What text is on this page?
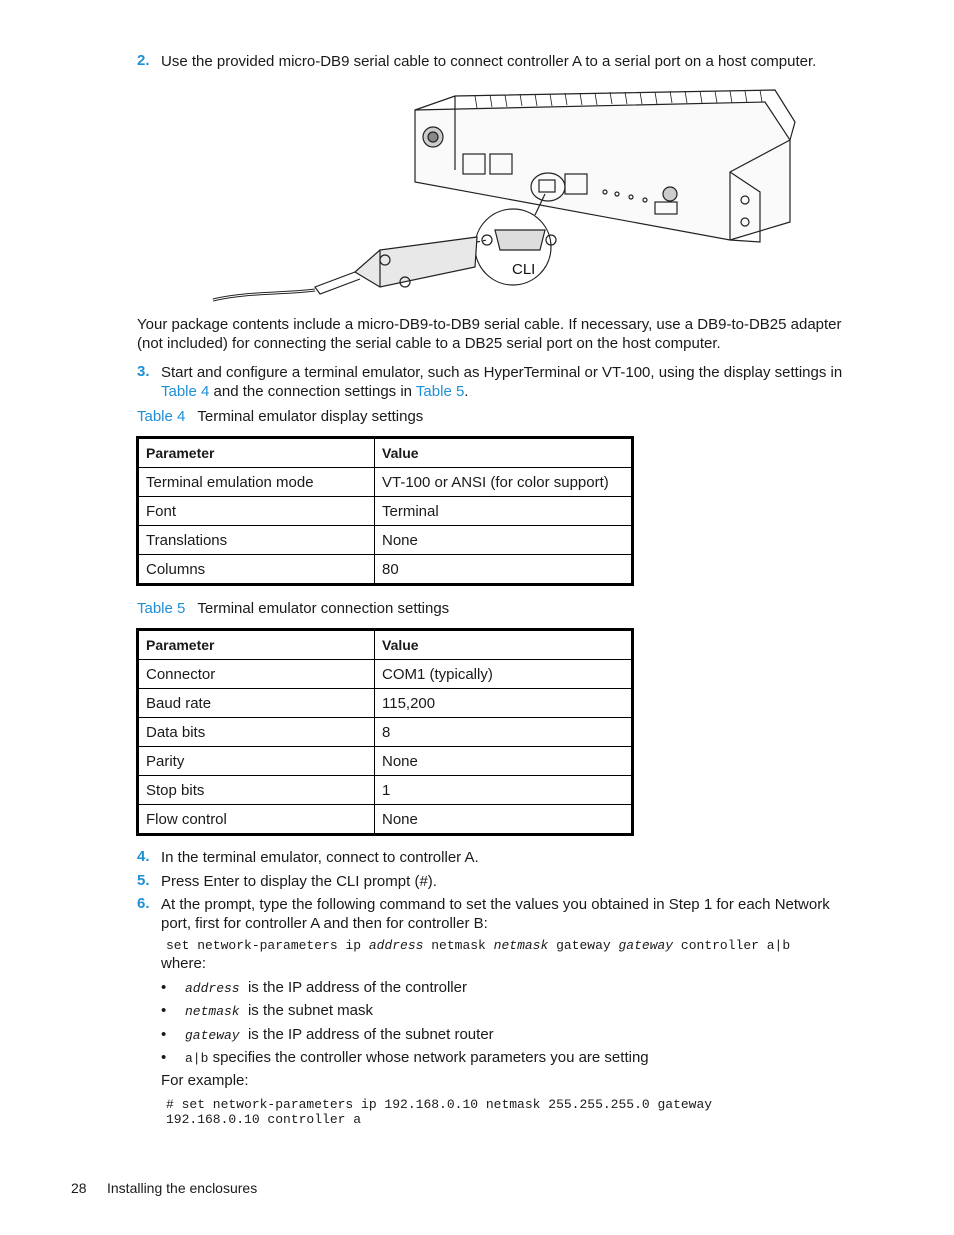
2. Use the provided micro-DB9 serial cable to connect controller A to a serial port on a host computer.
CLI
Your package contents include a micro-DB9-to-DB9 serial cable. If necessary, use a DB9-to-DB25 adapter (not included) for connecting the serial cable to a DB25 serial port on the host computer.
3. Start and configure a terminal emulator, such as HyperTerminal or VT-100, using the display settings in Table 4 and the connection settings in Table 5.
Table 4 Terminal emulator display settings
Parameter	Value
Terminal emulation mode	VT-100 or ANSI (for color support)
Font	Terminal
Translations	None
Columns	80
Table 5 Terminal emulator connection settings
Parameter	Value
Connector	COM1 (typically)
Baud rate	115,200
Data bits	8
Parity	None
Stop bits	1
Flow control	None
4. In the terminal emulator, connect to controller A.
5. Press Enter to display the CLI prompt (#).
6. At the prompt, type the following command to set the values you obtained in Step 1 for each Network port, first for controller A and then for controller B:
set network-parameters ip address netmask netmask gateway gateway controller a|b
where:
• address is the IP address of the controller
• netmask is the subnet mask
• gateway is the IP address of the subnet router
• a|b specifies the controller whose network parameters you are setting
For example:
# set network-parameters ip 192.168.0.10 netmask 255.255.255.0 gateway
192.168.0.10 controller a
28 Installing the enclosures
